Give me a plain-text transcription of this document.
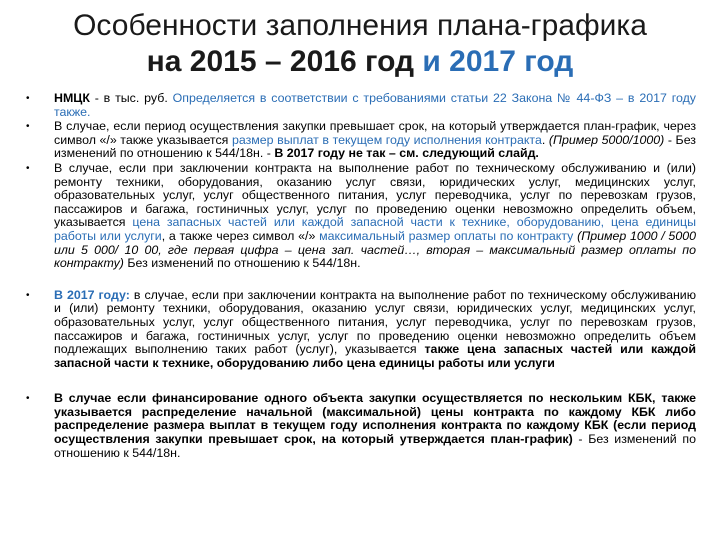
Особенности заполнения плана-графика
на 2015 – 2016 год и 2017 год
• НМЦК - в тыс. руб. Определяется в соответствии с требованиями статьи 22 Закона № 44-ФЗ – в 2017 году также.
• В случае, если период осуществления закупки превышает срок, на который утверждается план-график, через символ «/» также указывается размер выплат в текущем году исполнения контракта. (Пример 5000/1000) - Без изменений по отношению к 544/18н. - В 2017 году не так – см. следующий слайд.
• В случае, если при заключении контракта на выполнение работ по техническому обслуживанию и (или) ремонту техники, оборудования, оказанию услуг связи, юридических услуг, медицинских услуг, образовательных услуг, услуг общественного питания, услуг переводчика, услуг по перевозкам грузов, пассажиров и багажа, гостиничных услуг, услуг по проведению оценки невозможно определить объем, указывается цена запасных частей или каждой запасной части к технике, оборудованию, цена единицы работы или услуги, а также через символ «/» максимальный размер оплаты по контракту (Пример 1000 / 5000 или 5 000/ 10 00, где первая цифра – цена зап. частей…, вторая – максимальный размер оплаты по контракту) Без изменений по отношению к 544/18н.
• В 2017 году: в случае, если при заключении контракта на выполнение работ по техническому обслуживанию и (или) ремонту техники, оборудования, оказанию услуг связи, юридических услуг, медицинских услуг, образовательных услуг, услуг общественного питания, услуг переводчика, услуг по перевозкам грузов, пассажиров и багажа, гостиничных услуг, услуг по проведению оценки невозможно определить объем подлежащих выполнению таких работ (услуг), указывается также цена запасных частей или каждой запасной части к технике, оборудованию либо цена единицы работы или услуги
• В случае если финансирование одного объекта закупки осуществляется по нескольким КБК, также указывается распределение начальной (максимальной) цены контракта по каждому КБК либо распределение размера выплат в текущем году исполнения контракта по каждому КБК (если период осуществления закупки превышает срок, на который утверждается план-график) - Без изменений по отношению к 544/18н.
